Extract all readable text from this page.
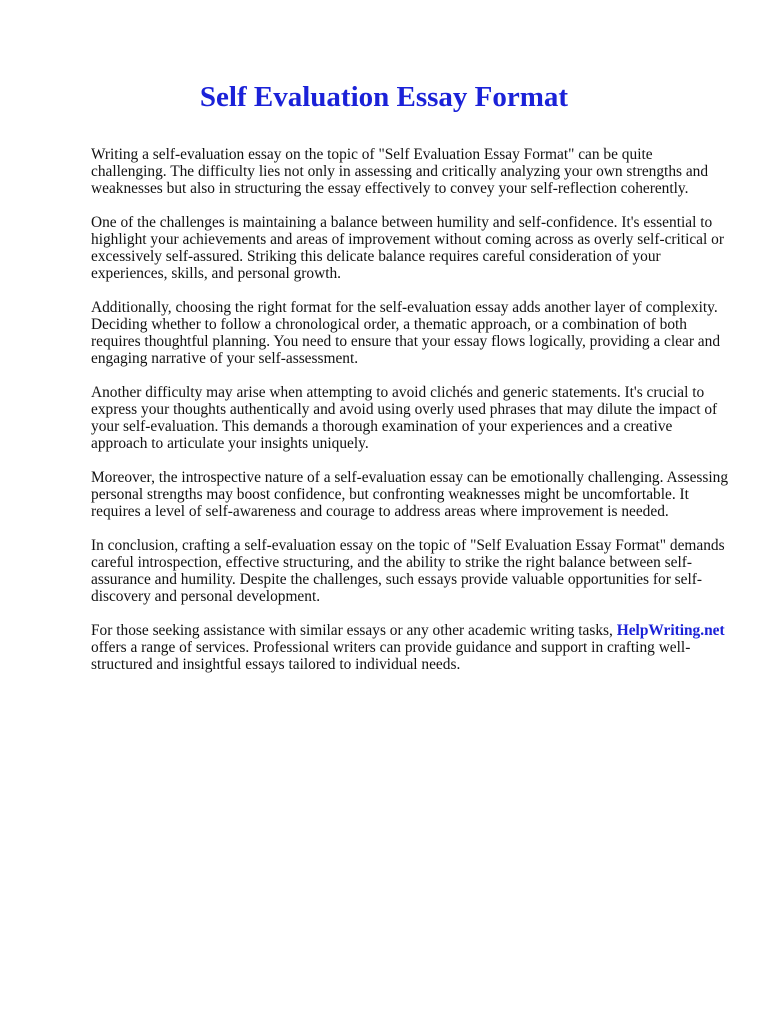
Self Evaluation Essay Format

Writing a self-evaluation essay on the topic of "Self Evaluation Essay Format" can be quite challenging. The difficulty lies not only in assessing and critically analyzing your own strengths and weaknesses but also in structuring the essay effectively to convey your self-reflection coherently.

One of the challenges is maintaining a balance between humility and self-confidence. It's essential to highlight your achievements and areas of improvement without coming across as overly self-critical or excessively self-assured. Striking this delicate balance requires careful consideration of your experiences, skills, and personal growth.

Additionally, choosing the right format for the self-evaluation essay adds another layer of complexity. Deciding whether to follow a chronological order, a thematic approach, or a combination of both requires thoughtful planning. You need to ensure that your essay flows logically, providing a clear and engaging narrative of your self-assessment.

Another difficulty may arise when attempting to avoid clichés and generic statements. It's crucial to express your thoughts authentically and avoid using overly used phrases that may dilute the impact of your self-evaluation. This demands a thorough examination of your experiences and a creative approach to articulate your insights uniquely.

Moreover, the introspective nature of a self-evaluation essay can be emotionally challenging. Assessing personal strengths may boost confidence, but confronting weaknesses might be uncomfortable. It requires a level of self-awareness and courage to address areas where improvement is needed.

In conclusion, crafting a self-evaluation essay on the topic of "Self Evaluation Essay Format" demands careful introspection, effective structuring, and the ability to strike the right balance between self-assurance and humility. Despite the challenges, such essays provide valuable opportunities for self-discovery and personal development.

For those seeking assistance with similar essays or any other academic writing tasks, HelpWriting.net offers a range of services. Professional writers can provide guidance and support in crafting well-structured and insightful essays tailored to individual needs.
